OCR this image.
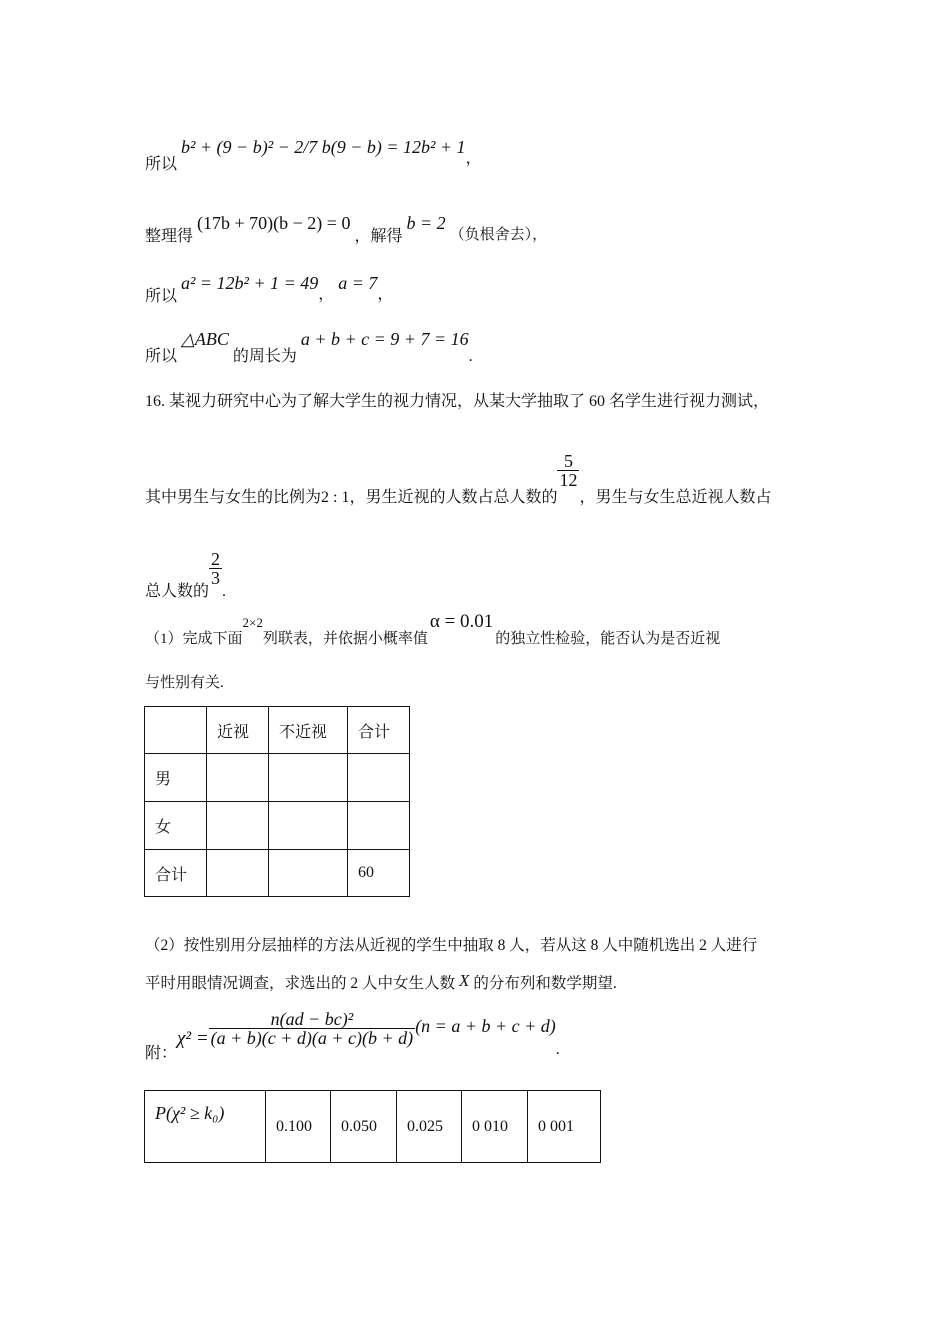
所以 b² + (9 − b)² − 2/7 b(9 − b) = 12b² + 1，
整理得 (17b + 70)(b − 2) = 0 ，解得 b = 2 （负根舍去），
所以 a² = 12b² + 1 = 49， a = 7，
所以 △ABC 的周长为 a + b + c = 9 + 7 = 16.
16. 某视力研究中心为了解大学生的视力情况，从某大学抽取了 60 名学生进行视力测试，
其中男生与女生的比例为2 : 1，男生近视的人数占总人数的
$\frac{5}{12}$
，男生与女生总近视人数占
总人数的
$\frac{2}{3}$
.
（1）完成下面2×2列联表，并依据小概率值α = 0.01的独立性检验，能否认为是否近视
与性别有关.
	近视	不近视	合计
男			
女			
合计			60
（2）按性别用分层抽样的方法从近视的学生中抽取 8 人，若从这 8 人中随机选出 2 人进行
平时用眼情况调查，求选出的 2 人中女生人数 X 的分布列和数学期望.
附：$\chi^2 = \frac{\text{n(ad − bc)²}}{(a + b)(c + d)(a + c)(b + d)} (n = a + b + c + d)$.
P(χ² ≥ k₀)	0.100	0.050	0.025	0 010	0 001
